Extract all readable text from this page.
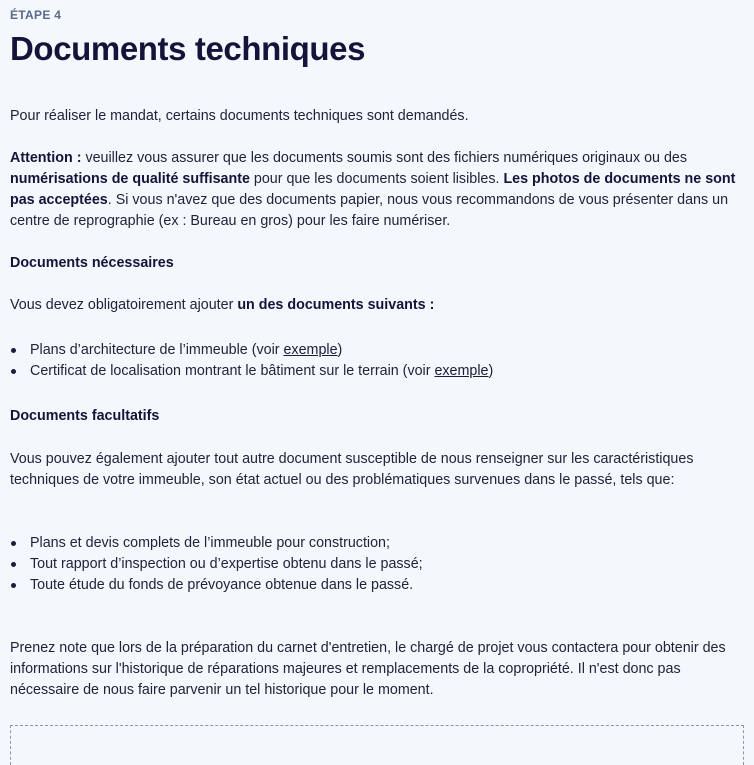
ÉTAPE 4
Documents techniques

Pour réaliser le mandat, certains documents techniques sont demandés.

Attention : veuillez vous assurer que les documents soumis sont des fichiers numériques originaux ou des numérisations de qualité suffisante pour que les documents soient lisibles. Les photos de documents ne sont pas acceptées. Si vous n'avez que des documents papier, nous vous recommandons de vous présenter dans un centre de reprographie (ex : Bureau en gros) pour les faire numériser.

Documents nécessaires

Vous devez obligatoirement ajouter un des documents suivants :

Plans d’architecture de l’immeuble (voir exemple)
Certificat de localisation montrant le bâtiment sur le terrain (voir exemple)
Documents facultatifs

Vous pouvez également ajouter tout autre document susceptible de nous renseigner sur les caractéristiques techniques de votre immeuble, son état actuel ou des problématiques survenues dans le passé, tels que:

Plans et devis complets de l’immeuble pour construction;
Tout rapport d’inspection ou d’expertise obtenu dans le passé;
Toute étude du fonds de prévoyance obtenue dans le passé.

Prenez note que lors de la préparation du carnet d'entretien, le chargé de projet vous contactera pour obtenir des informations sur l'historique de réparations majeures et remplacements de la copropriété. Il n'est donc pas nécessaire de nous faire parvenir un tel historique pour le moment.
